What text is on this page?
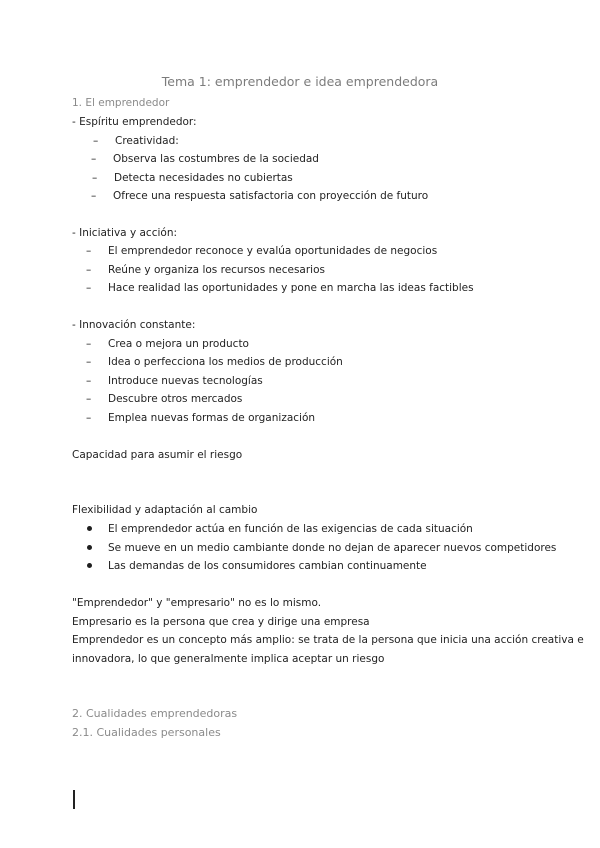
Tema 1: emprendedor e idea emprendedora
1. El emprendedor
- Espíritu emprendedor:
– Creatividad:
– Observa las costumbres de la sociedad
– Detecta necesidades no cubiertas
– Ofrece una respuesta satisfactoria con proyección de futuro
- Iniciativa y acción:
– El emprendedor reconoce y evalúa oportunidades de negocios
– Reúne y organiza los recursos necesarios
– Hace realidad las oportunidades y pone en marcha las ideas factibles
- Innovación constante:
– Crea o mejora un producto
– Idea o perfecciona los medios de producción
– Introduce nuevas tecnologías
– Descubre otros mercados
– Emplea nuevas formas de organización
Capacidad para asumir el riesgo
Flexibilidad y adaptación al cambio
El emprendedor actúa en función de las exigencias de cada situación
Se mueve en un medio cambiante donde no dejan de aparecer nuevos competidores
Las demandas de los consumidores cambian continuamente
"Emprendedor" y "empresario" no es lo mismo.
Empresario es la persona que crea y dirige una empresa
Emprendedor es un concepto más amplio: se trata de la persona que inicia una acción creativa e
innovadora, lo que generalmente implica aceptar un riesgo
2. Cualidades emprendedoras
2.1. Cualidades personales
